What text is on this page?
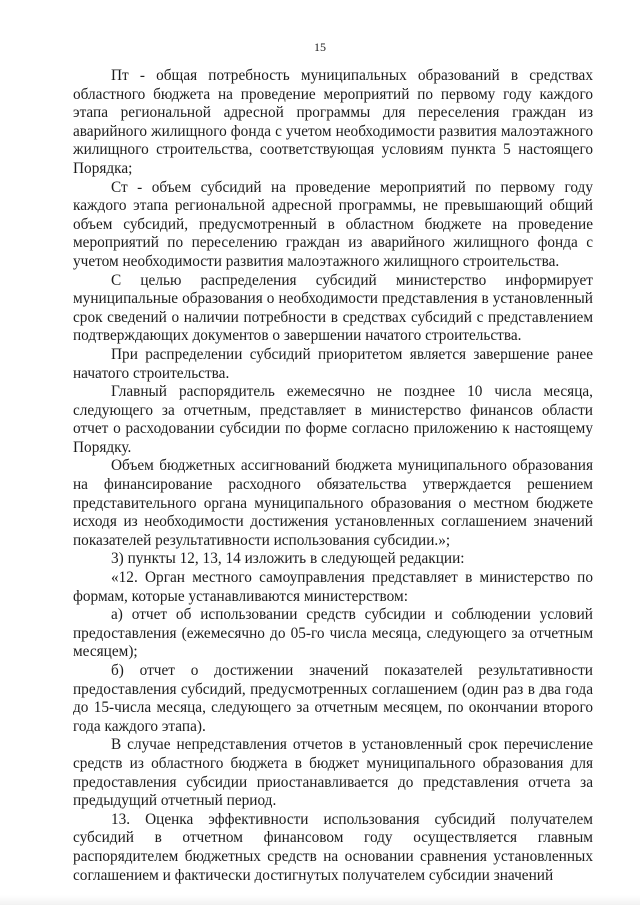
15

Пт - общая потребность муниципальных образований в средствах областного бюджета на проведение мероприятий по первому году каждого этапа региональной адресной программы для переселения граждан из аварийного жилищного фонда с учетом необходимости развития малоэтажного жилищного строительства, соответствующая условиям пункта 5 настоящего Порядка;

Ст - объем субсидий на проведение мероприятий по первому году каждого этапа региональной адресной программы, не превышающий общий объем субсидий, предусмотренный в областном бюджете на проведение мероприятий по переселению граждан из аварийного жилищного фонда с учетом необходимости развития малоэтажного жилищного строительства.

С целью распределения субсидий министерство информирует муниципальные образования о необходимости представления в установленный срок сведений о наличии потребности в средствах субсидий с представлением подтверждающих документов о завершении начатого строительства.

При распределении субсидий приоритетом является завершение ранее начатого строительства.

Главный распорядитель ежемесячно не позднее 10 числа месяца, следующего за отчетным, представляет в министерство финансов области отчет о расходовании субсидии по форме согласно приложению к настоящему Порядку.

Объем бюджетных ассигнований бюджета муниципального образования на финансирование расходного обязательства утверждается решением представительного органа муниципального образования о местном бюджете исходя из необходимости достижения установленных соглашением значений показателей результативности использования субсидии.»;

3) пункты 12, 13, 14 изложить в следующей редакции:

«12. Орган местного самоуправления представляет в министерство по формам, которые устанавливаются министерством:

а) отчет об использовании средств субсидии и соблюдении условий предоставления (ежемесячно до 05-го числа месяца, следующего за отчетным месяцем);

б) отчет о достижении значений показателей результативности предоставления субсидий, предусмотренных соглашением (один раз в два года до 15-числа месяца, следующего за отчетным месяцем, по окончании второго года каждого этапа).

В случае непредставления отчетов в установленный срок перечисление средств из областного бюджета в бюджет муниципального образования для предоставления субсидии приостанавливается до представления отчета за предыдущий отчетный период.

13. Оценка эффективности использования субсидий получателем субсидий в отчетном финансовом году осуществляется главным распорядителем бюджетных средств на основании сравнения установленных соглашением и фактически достигнутых получателем субсидии значений
